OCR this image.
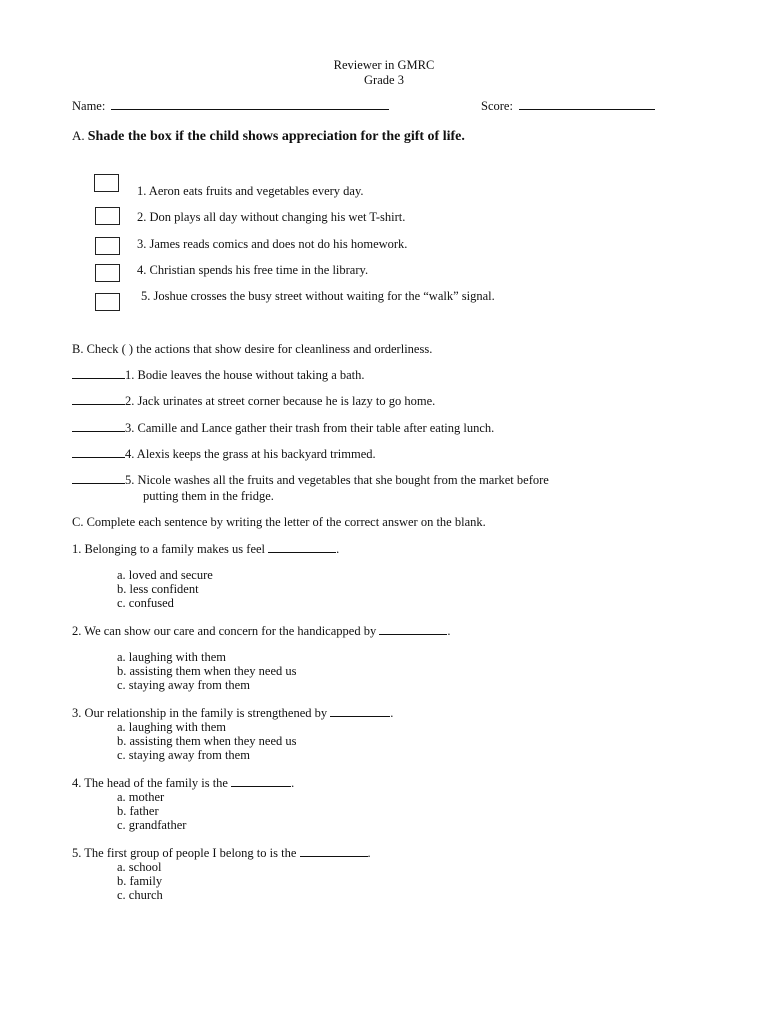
Reviewer in GMRC
Grade 3
Name:	Score:
A. Shade the box if the child shows appreciation for the gift of life.
1. Aeron eats fruits and vegetables every day.
2. Don plays all day without changing his wet T-shirt.
3. James reads comics and does not do his homework.
4. Christian spends his free time in the library.
5. Joshue crosses the busy street without waiting for the “walk” signal.
B. Check ( ) the actions that show desire for cleanliness and orderliness.
1. Bodie leaves the house without taking a bath.
2. Jack urinates at street corner because he is lazy to go home.
3. Camille and Lance gather their trash from their table after eating lunch.
4. Alexis keeps the grass at his backyard trimmed.
5. Nicole washes all the fruits and vegetables that she bought from the market before
putting them in the fridge.
C. Complete each sentence by writing the letter of the correct answer on the blank.
1. Belonging to a family makes us feel	.
a. loved and secure
b. less confident
c. confused
2. We can show our care and concern for the handicapped by	.
a. laughing with them
b. assisting them when they need us
c. staying away from them
3. Our relationship in the family is strengthened by	.
a. laughing with them
b. assisting them when they need us
c. staying away from them
4. The head of the family is the	.
a. mother
b. father
c. grandfather
5. The first group of people I belong to is the	.
a. school
b. family
c. church
